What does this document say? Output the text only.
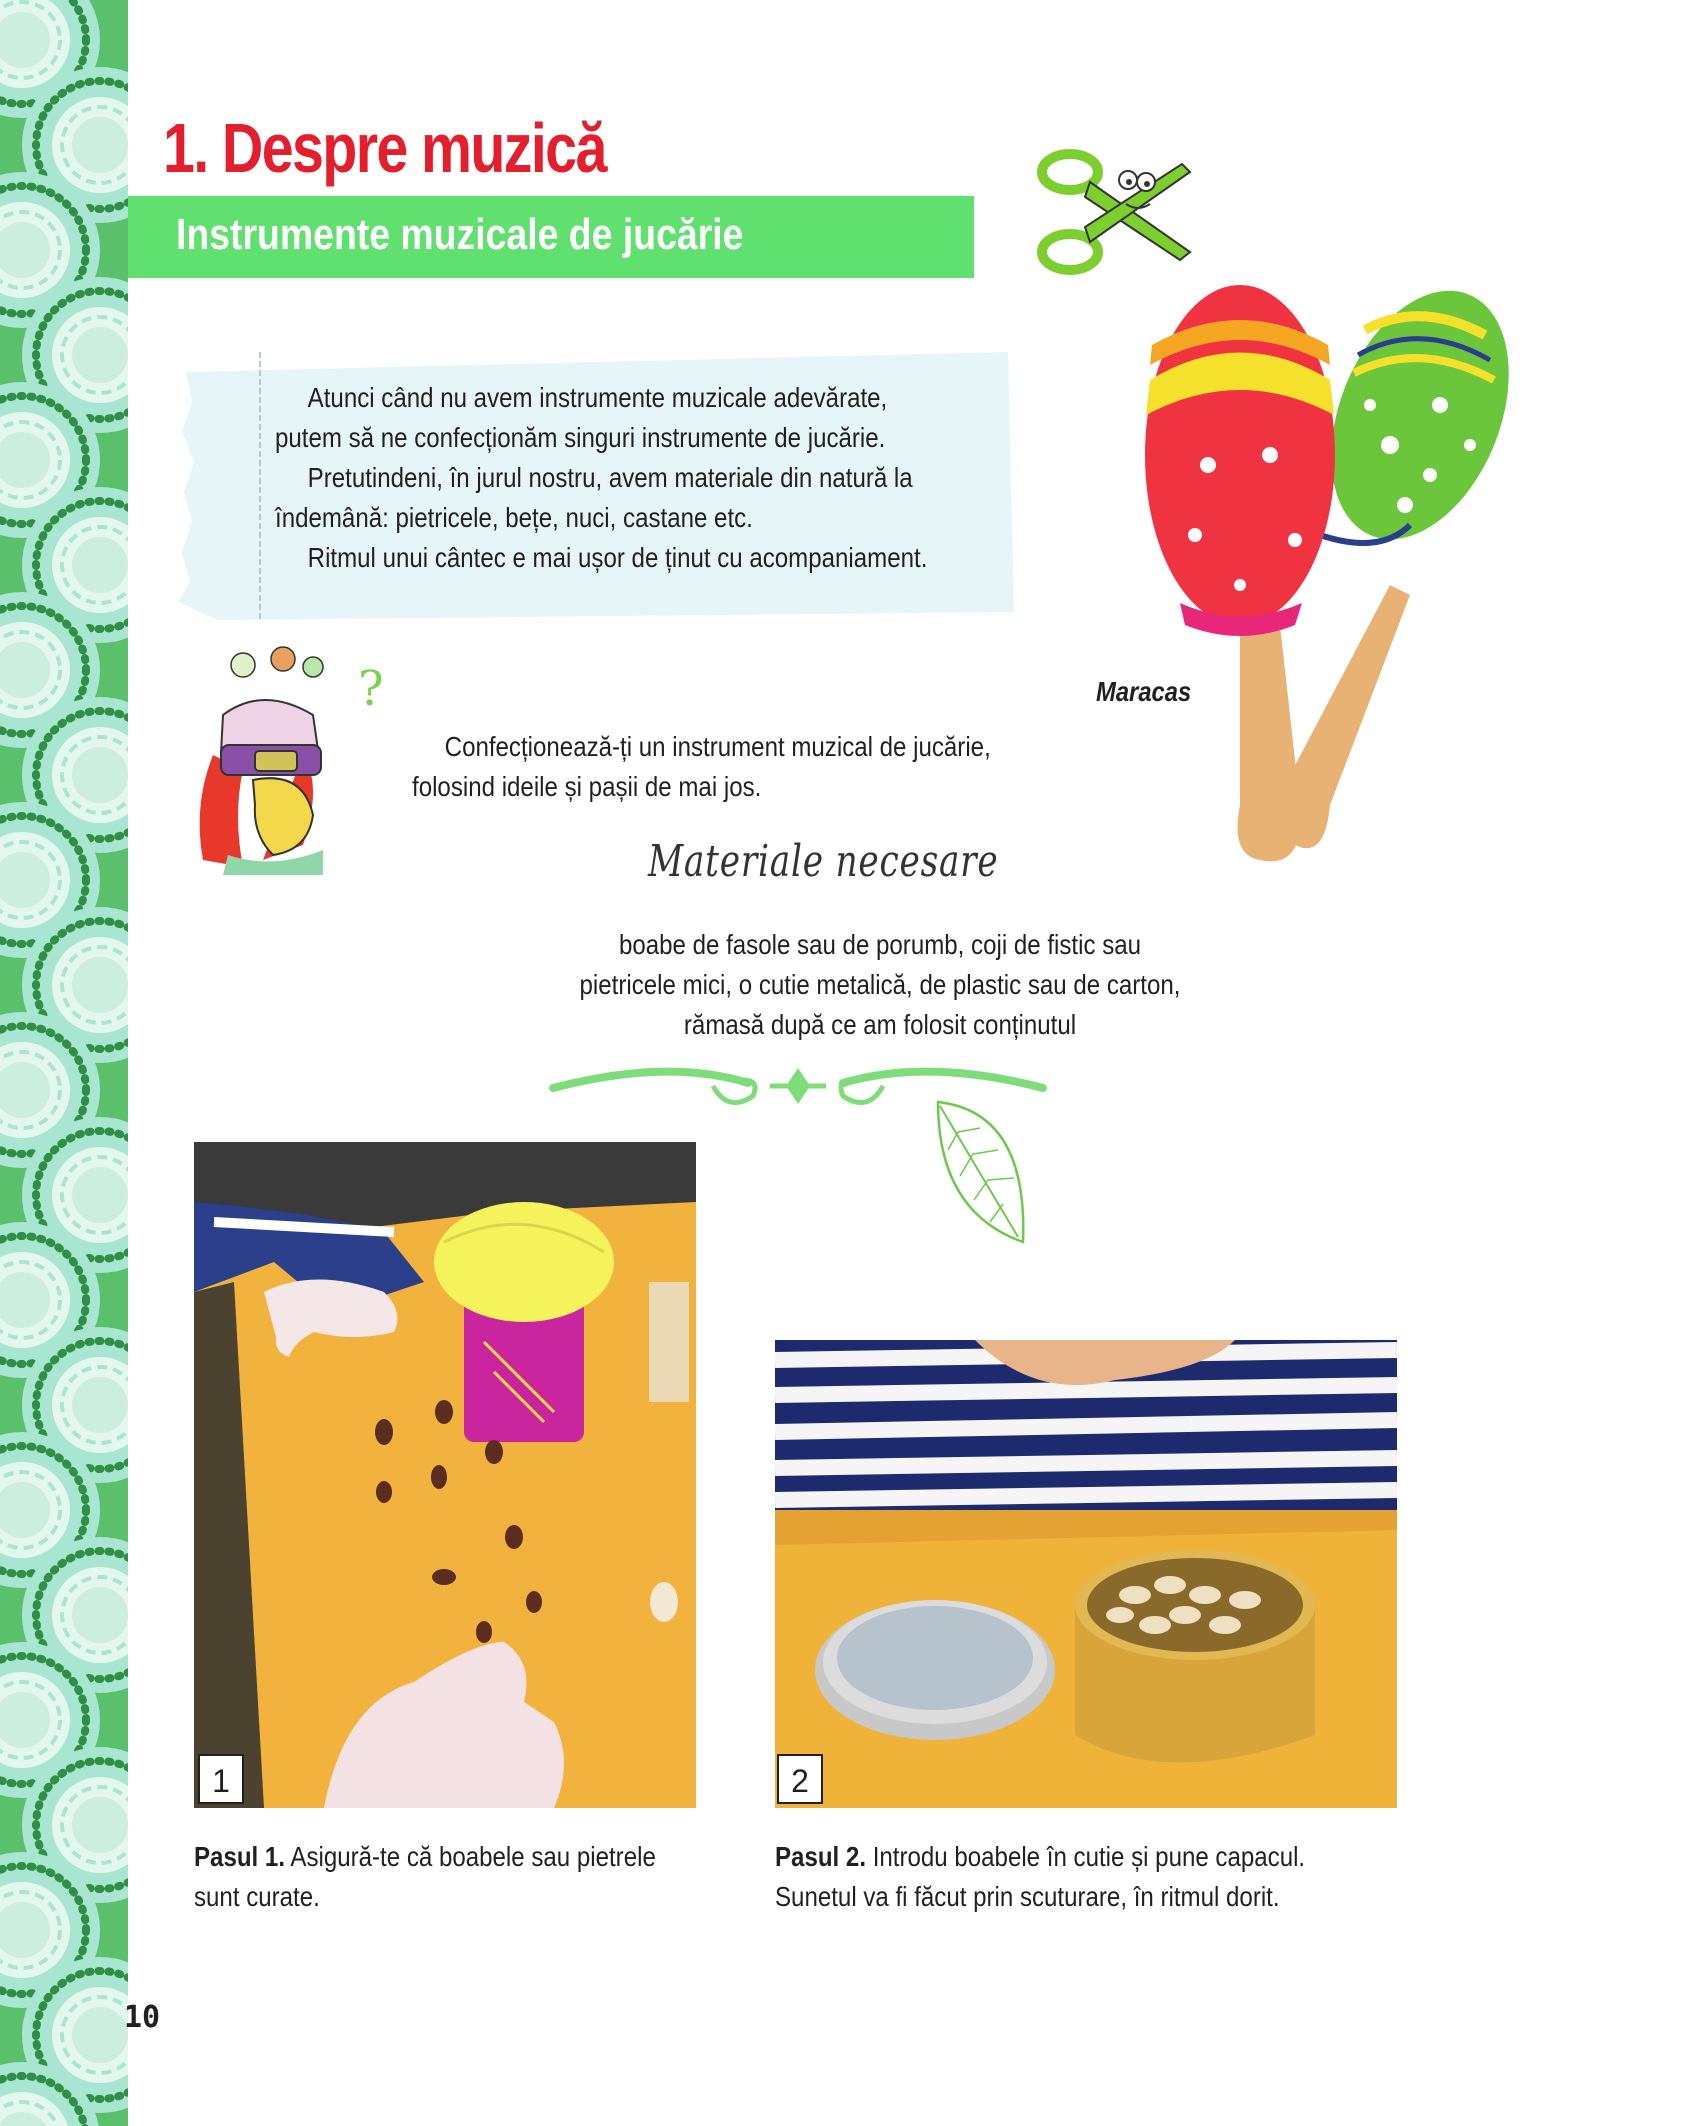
1. Despre muzică
Instrumente muzicale de jucărie

Atunci când nu avem instrumente muzicale adevărate,

putem să ne confecționăm singuri instrumente de jucărie.

Pretutindeni, în jurul nostru, avem materiale din natură la

îndemână: pietricele, bețe, nuci, castane etc.

Ritmul unui cântec e mai ușor de ținut cu acompaniament.

Maracas
?

Confecționează-ți un instrument muzical de jucărie,

folosind ideile și pașii de mai jos.

Materiale necesare

boabe de fasole sau de porumb, coji de fistic sau

pietricele mici, o cutie metalică, de plastic sau de carton,

rămasă după ce am folosit conținutul

1	2

Pasul 1. Asigură-te că boabele sau pietrele

sunt curate.

Pasul 2. Introdu boabele în cutie și pune capacul.

Sunetul va fi făcut prin scuturare, în ritmul dorit.

10
